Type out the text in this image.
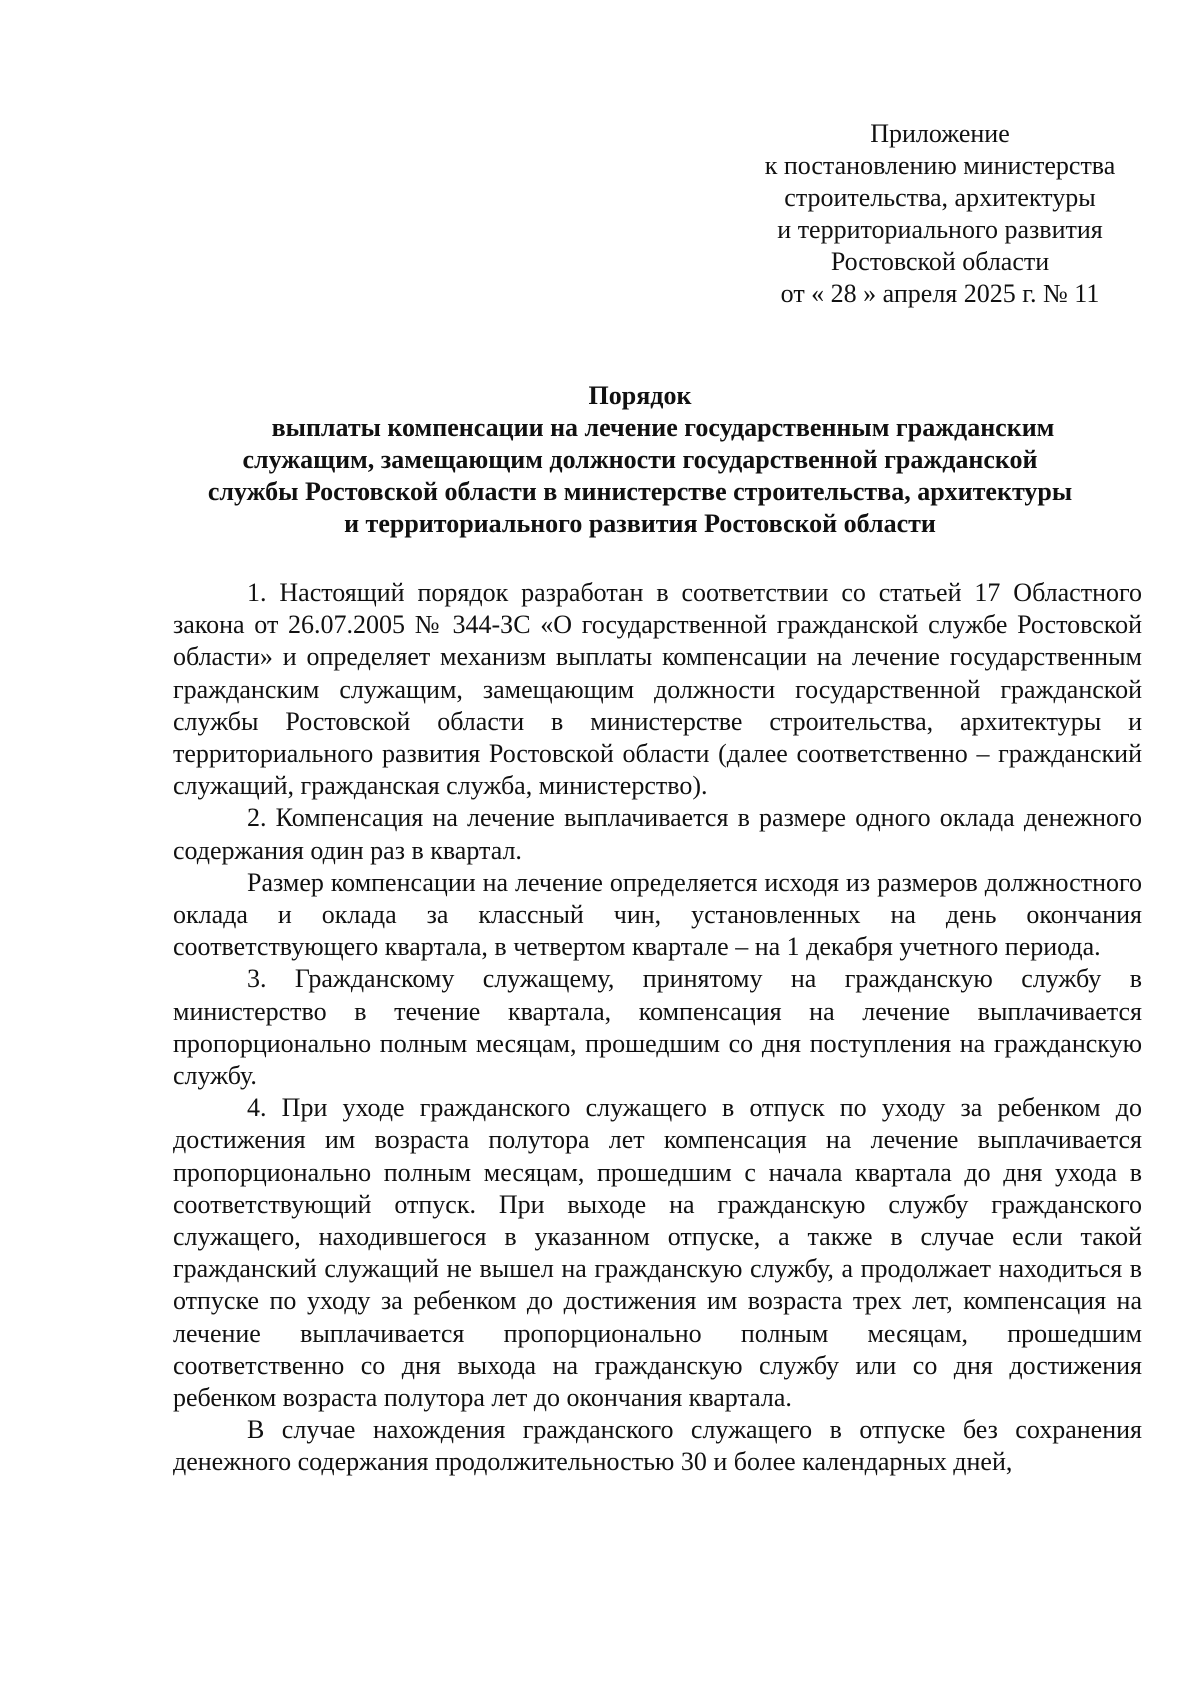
Приложение
к постановлению министерства
строительства, архитектуры
и территориального развития
Ростовской области
от « 28 » апреля 2025 г. № 11
Порядок
выплаты компенсации на лечение государственным гражданским
служащим, замещающим должности государственной гражданской
службы Ростовской области в министерстве строительства, архитектуры
и территориального развития Ростовской области

1. Настоящий порядок разработан в соответствии со статьей 17 Областного закона от 26.07.2005 № 344-ЗС «О государственной гражданской службе Ростовской области» и определяет механизм выплаты компенсации на лечение государственным гражданским служащим, замещающим должности государственной гражданской службы Ростовской области в министерстве строительства, архитектуры и территориального развития Ростовской области (далее соответственно – гражданский служащий, гражданская служба, министерство).

2. Компенсация на лечение выплачивается в размере одного оклада денежного содержания один раз в квартал.

Размер компенсации на лечение определяется исходя из размеров должностного оклада и оклада за классный чин, установленных на день окончания соответствующего квартала, в четвертом квартале – на 1 декабря учетного периода.

3. Гражданскому служащему, принятому на гражданскую службу в министерство в течение квартала, компенсация на лечение выплачивается пропорционально полным месяцам, прошедшим со дня поступления на гражданскую службу.

4. При уходе гражданского служащего в отпуск по уходу за ребенком до достижения им возраста полутора лет компенсация на лечение выплачивается пропорционально полным месяцам, прошедшим с начала квартала до дня ухода в соответствующий отпуск. При выходе на гражданскую службу гражданского служащего, находившегося в указанном отпуске, а также в случае если такой гражданский служащий не вышел на гражданскую службу, а продолжает находиться в отпуске по уходу за ребенком до достижения им возраста трех лет, компенсация на лечение выплачивается пропорционально полным месяцам, прошедшим соответственно со дня выхода на гражданскую службу или со дня достижения ребенком возраста полутора лет до окончания квартала.

В случае нахождения гражданского служащего в отпуске без сохранения денежного содержания продолжительностью 30 и более календарных дней,
